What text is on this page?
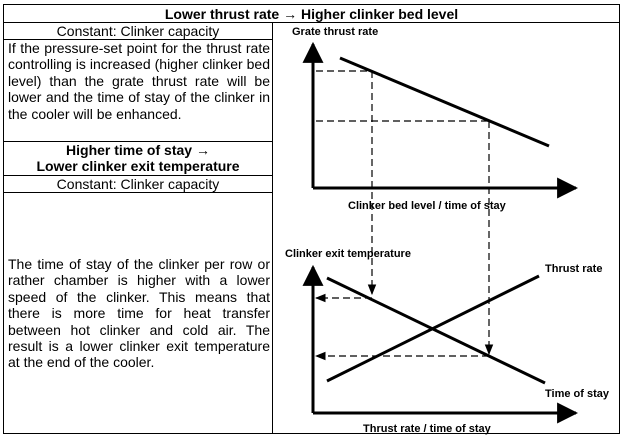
Lower thrust rate → Higher clinker bed level
Constant: Clinker capacity
If the pressure-set point for the thrust rate controlling is increased (higher clinker bed level) than the grate thrust rate will be lower and the time of stay of the clinker in the cooler will be enhanced.
Higher time of stay →
Lower clinker exit temperature
Constant: Clinker capacity
The time of stay of the clinker per row or rather chamber is higher with a lower speed of the clinker. This means that there is more time for heat transfer between hot clinker and cold air. The result is a lower clinker exit temperature at the end of the cooler.
Grate thrust rate
Clinker bed level / time of stay
Clinker exit temperature
Thrust rate
Time of stay
Thrust rate / time of stay
